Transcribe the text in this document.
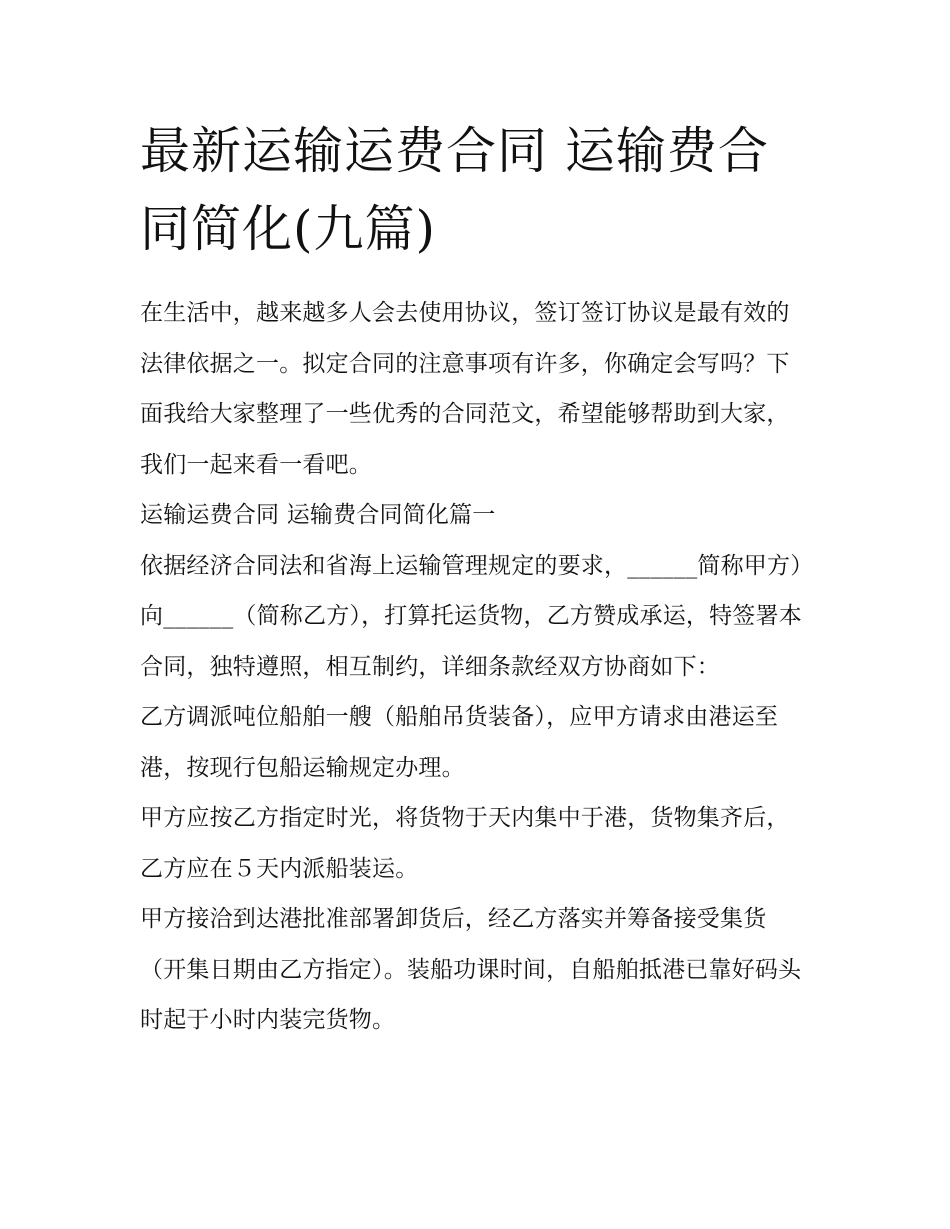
最新运输运费合同 运输费合同简化(九篇)

在生活中，越来越多人会去使用协议，签订签订协议是最有效的法律依据之一。拟定合同的注意事项有许多，你确定会写吗？下面我给大家整理了一些优秀的合同范文，希望能够帮助到大家，我们一起来看一看吧。

运输运费合同 运输费合同简化篇一

依据经济合同法和省海上运输管理规定的要求，______简称甲方）向______（简称乙方），打算托运货物，乙方赞成承运，特签署本合同，独特遵照，相互制约，详细条款经双方协商如下：

乙方调派吨位船舶一艘（船舶吊货装备），应甲方请求由港运至港，按现行包船运输规定办理。

甲方应按乙方指定时光，将货物于天内集中于港，货物集齐后，乙方应在５天内派船装运。

甲方接洽到达港批准部署卸货后，经乙方落实并筹备接受集货（开集日期由乙方指定）。装船功课时间，自船舶抵港已靠好码头时起于小时内装完货物。
